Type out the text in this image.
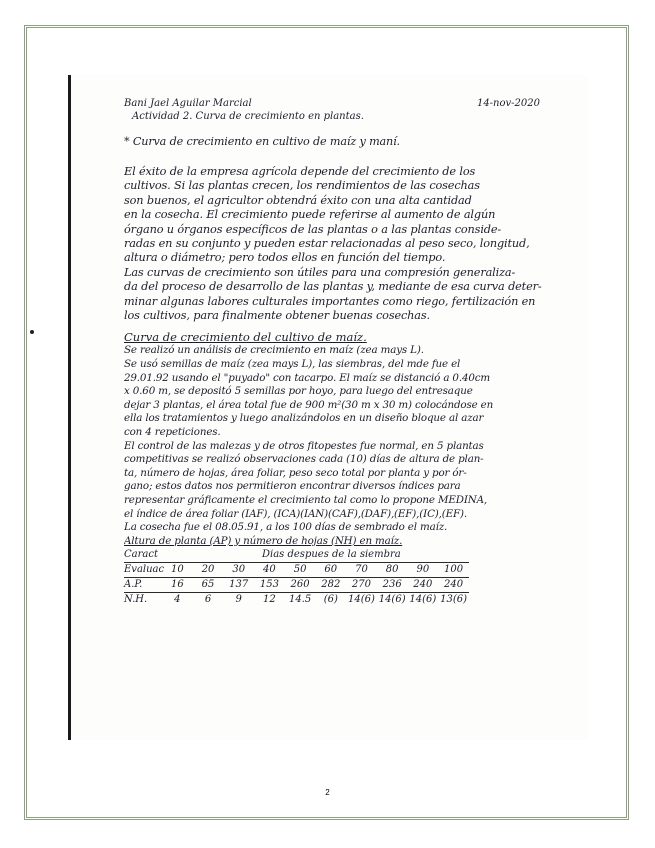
Bani Jael Aguilar Marcial	14-nov-2020
Actividad 2. Curva de crecimiento en plantas.
* Curva de crecimiento en cultivo de maíz y maní.
El éxito de la empresa agrícola depende del crecimiento de los
cultivos. Si las plantas crecen, los rendimientos de las cosechas
son buenos, el agricultor obtendrá éxito con una alta cantidad
en la cosecha. El crecimiento puede referirse al aumento de algún
órgano u órganos específicos de las plantas o a las plantas conside-
radas en su conjunto y pueden estar relacionadas al peso seco, longitud,
altura o diámetro; pero todos ellos en función del tiempo.
Las curvas de crecimiento son útiles para una compresión generaliza-
da del proceso de desarrollo de las plantas y, mediante de esa curva deter-
minar algunas labores culturales importantes como riego, fertilización en
los cultivos, para finalmente obtener buenas cosechas.
Curva de crecimiento del cultivo de maíz.
Se realizó un análisis de crecimiento en maíz (zea mays L).
Se usó semillas de maíz (zea mays L), las siembras, del mde fue el
29.01.92 usando el "puyado" con tacarpo. El maíz se distanció a 0.40cm
x 0.60 m, se depositó 5 semillas por hoyo, para luego del entresaque
dejar 3 plantas, el área total fue de 900 m²(30 m x 30 m) colocándose en
ella los tratamientos y luego analizándolos en un diseño bloque al azar
con 4 repeticiones.
El control de las malezas y de otros fitopestes fue normal, en 5 plantas
competitivas se realizó observaciones cada (10) días de altura de plan-
ta, número de hojas, área foliar, peso seco total por planta y por ór-
gano; estos datos nos permitieron encontrar diversos índices para
representar gráficamente el crecimiento tal como lo propone MEDINA,
el índice de área foliar (IAF), (ICA)(IAN)(CAF),(DAF),(EF),(IC),(EF).
La cosecha fue el 08.05.91, a los 100 días de sembrado el maíz.
Altura de planta (AP) y número de hojas (NH) en maíz.
Caract	Dias despues de la siembra									
Evaluac	10	20	30	40	50	60	70	80	90	100
A.P.	16	65	137	153	260	282	270	236	240	240
N.H.	4	6	9	12	14.5	(6)	14(6)	14(6)	14(6)	13(6)
2
